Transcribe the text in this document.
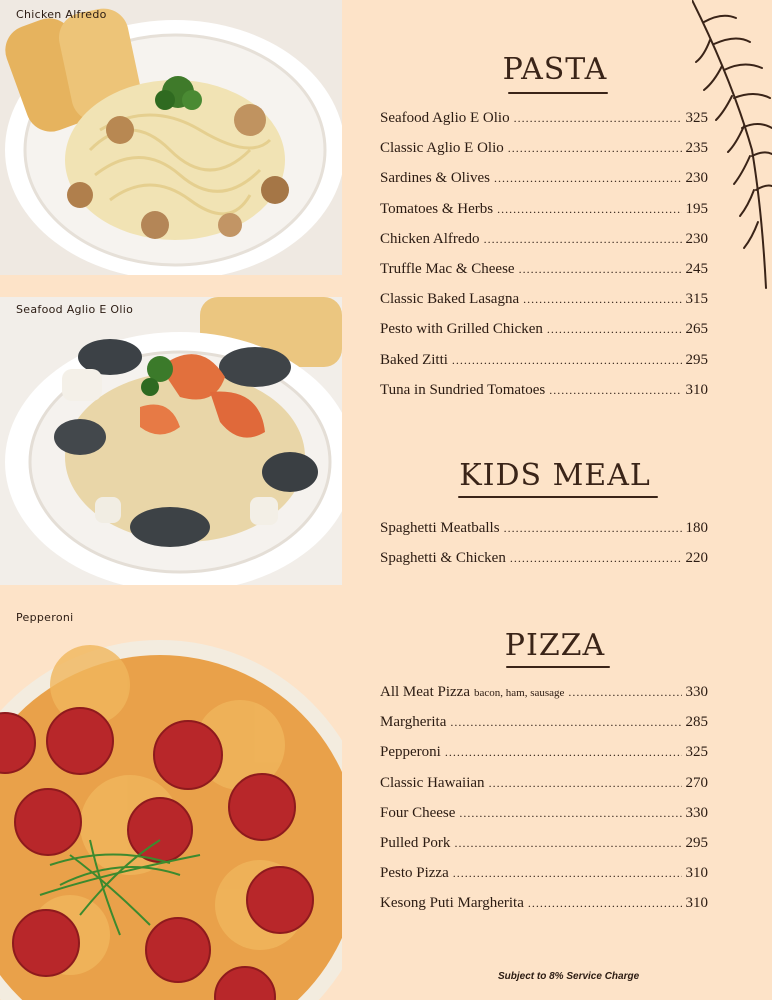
Chicken Alfredo
Seafood Aglio E Olio
Pepperoni
PASTA
Seafood Aglio E Olio .....	325
Classic Aglio E Olio .....	235
Sardines & Olives .....	230
Tomatoes & Herbs .....	195
Chicken Alfredo .....	230
Truffle Mac & Cheese .....	245
Classic Baked Lasagna .....	315
Pesto with Grilled Chicken .....	265
Baked Zitti .....	295
Tuna in Sundried Tomatoes .....	310
KIDS MEAL
Spaghetti Meatballs .....	180
Spaghetti & Chicken .....	220
PIZZA
All Meat Pizza bacon, ham, sausage .....	330
Margherita .....	285
Pepperoni .....	325
Classic Hawaiian .....	270
Four Cheese .....	330
Pulled Pork .....	295
Pesto Pizza .....	310
Kesong Puti Margherita .....	310
Subject to 8% Service Charge
